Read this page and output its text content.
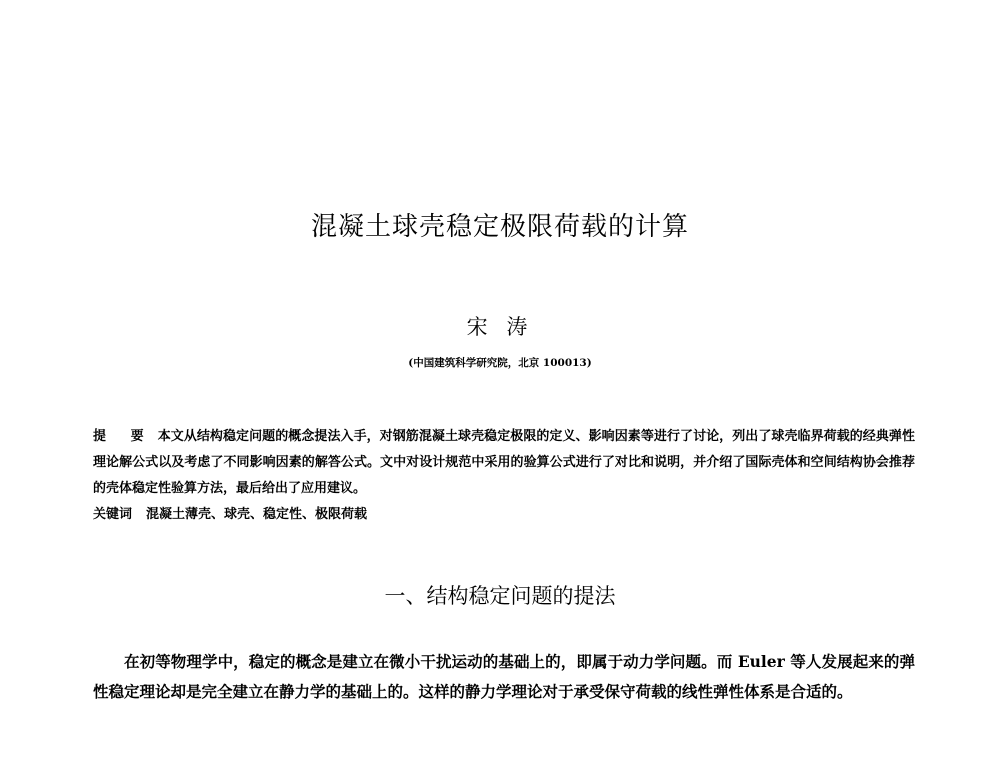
混凝土球壳稳定极限荷载的计算
宋 涛
(中国建筑科学研究院，北京 100013)
提 要 本文从结构稳定问题的概念提法入手，对钢筋混凝土球壳稳定极限的定义、影响因素等进行了讨论，列出了球壳临界荷载的经典弹性理论解公式以及考虑了不同影响因素的解答公式。文中对设计规范中采用的验算公式进行了对比和说明，并介绍了国际壳体和空间结构协会推荐的壳体稳定性验算方法，最后给出了应用建议。
关键词 混凝土薄壳、球壳、稳定性、极限荷载
一、结构稳定问题的提法

在初等物理学中，稳定的概念是建立在微小干扰运动的基础上的，即属于动力学问题。而 Euler 等人发展起来的弹性稳定理论却是完全建立在静力学的基础上的。这样的静力学理论对于承受保守荷载的线性弹性体系是合适的。
